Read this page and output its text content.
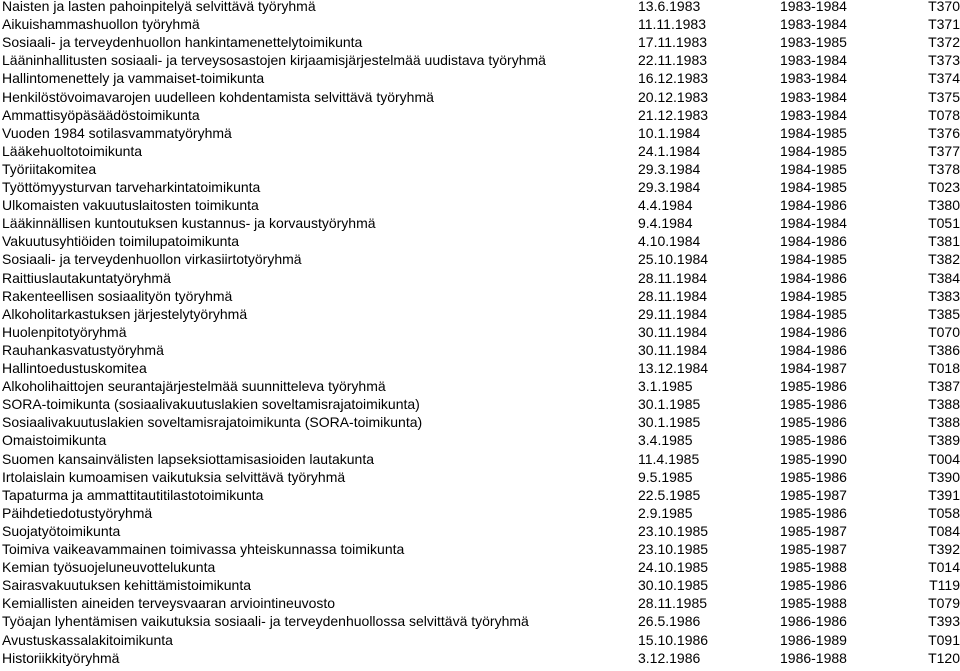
Naisten ja lasten pahoinpitelyä selvittävä työryhmä	13.6.1983	1983-1984	T370
Aikuishammashuollon työryhmä	11.11.1983	1983-1984	T371
Sosiaali- ja terveydenhuollon hankintamenettelytoimikunta	17.11.1983	1983-1985	T372
Lääninhallitusten sosiaali- ja terveysosastojen kirjaamisjärjestelmää uudistava työryhmä	22.11.1983	1983-1984	T373
Hallintomenettely ja vammaiset-toimikunta	16.12.1983	1983-1984	T374
Henkilöstövoimavarojen uudelleen kohdentamista selvittävä työryhmä	20.12.1983	1983-1984	T375
Ammattisyöpäsäädöstoimikunta	21.12.1983	1983-1984	T078
Vuoden 1984 sotilasvammatyöryhmä	10.1.1984	1984-1985	T376
Lääkehuoltotoimikunta	24.1.1984	1984-1985	T377
Työriitakomitea	29.3.1984	1984-1985	T378
Työttömyysturvan tarveharkintatoimikunta	29.3.1984	1984-1985	T023
Ulkomaisten vakuutuslaitosten toimikunta	4.4.1984	1984-1986	T380
Lääkinnällisen kuntoutuksen kustannus- ja korvaustyöryhmä	9.4.1984	1984-1984	T051
Vakuutusyhtiöiden toimilupatoimikunta	4.10.1984	1984-1986	T381
Sosiaali- ja terveydenhuollon virkasiirtotyöryhmä	25.10.1984	1984-1985	T382
Raittiuslautakuntatyöryhmä	28.11.1984	1984-1986	T384
Rakenteellisen sosiaalityön työryhmä	28.11.1984	1984-1985	T383
Alkoholitarkastuksen järjestelytyöryhmä	29.11.1984	1984-1985	T385
Huolenpitotyöryhmä	30.11.1984	1984-1986	T070
Rauhankasvatustyöryhmä	30.11.1984	1984-1986	T386
Hallintoedustuskomitea	13.12.1984	1984-1987	T018
Alkoholihaittojen seurantajärjestelmää suunnitteleva työryhmä	3.1.1985	1985-1986	T387
SORA-toimikunta (sosiaalivakuutuslakien soveltamisrajatoimikunta)	30.1.1985	1985-1986	T388
Sosiaalivakuutuslakien soveltamisrajatoimikunta (SORA-toimikunta)	30.1.1985	1985-1986	T388
Omaistoimikunta	3.4.1985	1985-1986	T389
Suomen kansainvälisten lapseksiottamisasioiden lautakunta	11.4.1985	1985-1990	T004
Irtolaislain kumoamisen vaikutuksia selvittävä työryhmä	9.5.1985	1985-1986	T390
Tapaturma ja ammattitautitilastotoimikunta	22.5.1985	1985-1987	T391
Päihdetiedotustyöryhmä	2.9.1985	1985-1986	T058
Suojatyötoimikunta	23.10.1985	1985-1987	T084
Toimiva vaikeavammainen toimivassa yhteiskunnassa toimikunta	23.10.1985	1985-1987	T392
Kemian työsuojeluneuvottelukunta	24.10.1985	1985-1988	T014
Sairasvakuutuksen kehittämistoimikunta	30.10.1985	1985-1986	T119
Kemiallisten aineiden terveysvaaran arviointineuvosto	28.11.1985	1985-1988	T079
Työajan lyhentämisen vaikutuksia sosiaali- ja terveydenhuollossa selvittävä työryhmä	26.5.1986	1986-1986	T393
Avustuskassalakitoimikunta	15.10.1986	1986-1989	T091
Historiikkityöryhmä	3.12.1986	1986-1988	T120
